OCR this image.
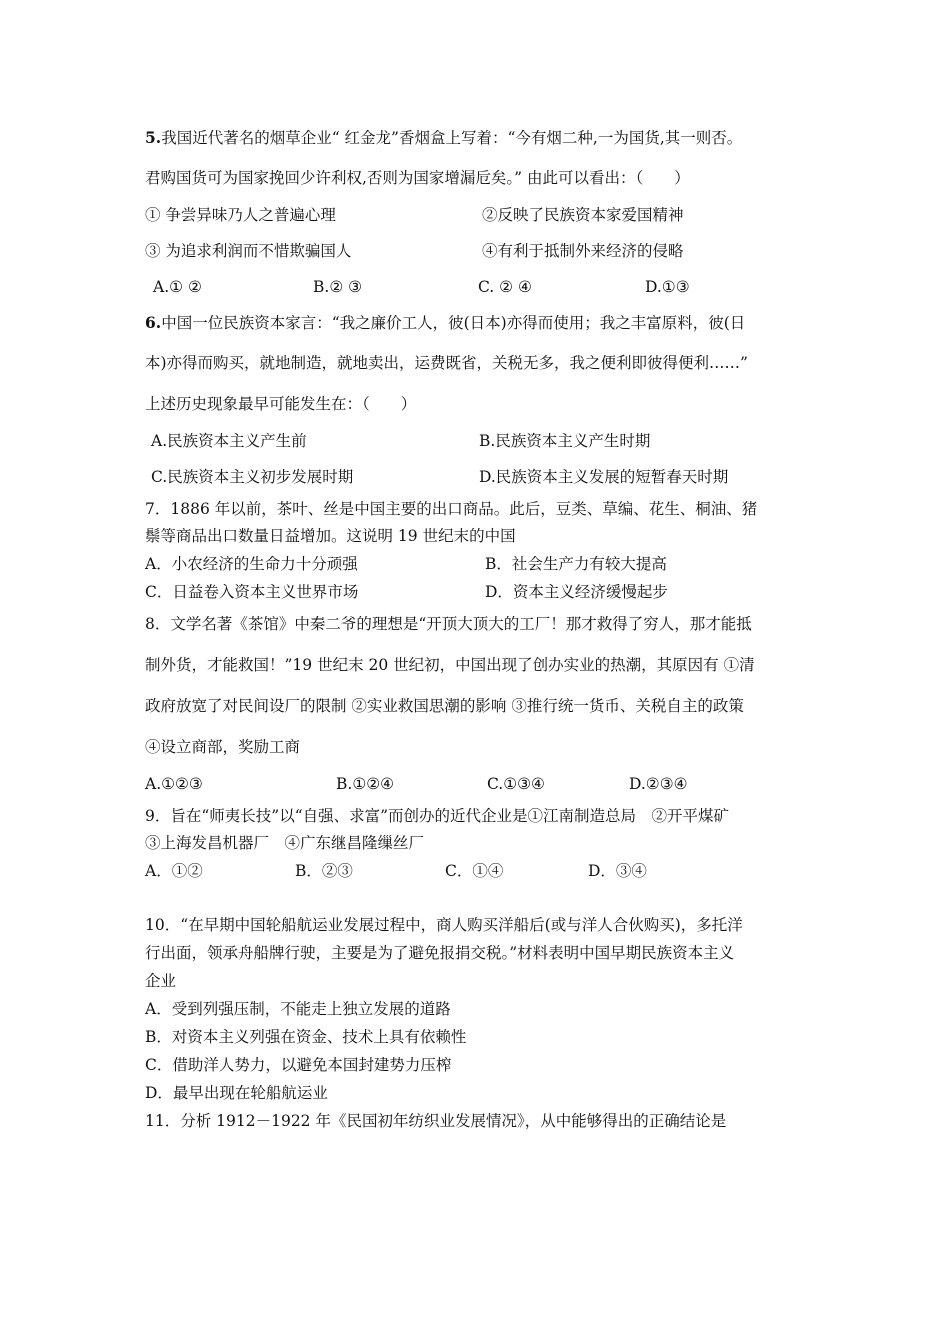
5.我国近代著名的烟草企业“ 红金龙”香烟盒上写着：“今有烟二种,一为国货,其一则否。
君购国货可为国家挽回少许利权,否则为国家增漏卮矣。” 由此可以看出：（　　）
① 争尝异味乃人之普遍心理	②反映了民族资本家爱国精神
③ 为追求利润而不惜欺骗国人	④有利于抵制外来经济的侵略
A.① ②	B.② ③	C. ② ④	D.①③
6.中国一位民族资本家言：“我之廉价工人，彼(日本)亦得而使用；我之丰富原料，彼(日
本)亦得而购买，就地制造，就地卖出，运费既省，关税无多，我之便利即彼得便利……”
上述历史现象最早可能发生在：（　　）
A.民族资本主义产生前	B.民族资本主义产生时期
C.民族资本主义初步发展时期	D.民族资本主义发展的短暂春天时期
7．1886 年以前，茶叶、丝是中国主要的出口商品。此后，豆类、草编、花生、桐油、猪
鬃等商品出口数量日益增加。这说明 19 世纪末的中国
A．小农经济的生命力十分顽强	B．社会生产力有较大提高
C．日益卷入资本主义世界市场	D．资本主义经济缓慢起步
8．文学名著《茶馆》中秦二爷的理想是“开顶大顶大的工厂！那才救得了穷人，那才能抵
制外货，才能救国！”19 世纪末 20 世纪初，中国出现了创办实业的热潮，其原因有 ①清
政府放宽了对民间设厂的限制 ②实业救国思潮的影响 ③推行统一货币、关税自主的政策
④设立商部，奖励工商
A.①②③	B.①②④	C.①③④	D.②③④
9．旨在“师夷长技”以“自强、求富”而创办的近代企业是①江南制造总局　②开平煤矿
③上海发昌机器厂　④广东继昌隆缫丝厂
A．①②	B．②③	C．①④	D．③④
10．“在早期中国轮船航运业发展过程中，商人购买洋船后(或与洋人合伙购买)，多托洋
行出面，领承舟船牌行驶，主要是为了避免报捐交税。”材料表明中国早期民族资本主义
企业
A．受到列强压制，不能走上独立发展的道路
B．对资本主义列强在资金、技术上具有依赖性
C．借助洋人势力，以避免本国封建势力压榨
D．最早出现在轮船航运业
11．分析 1912－1922 年《民国初年纺织业发展情况》，从中能够得出的正确结论是
